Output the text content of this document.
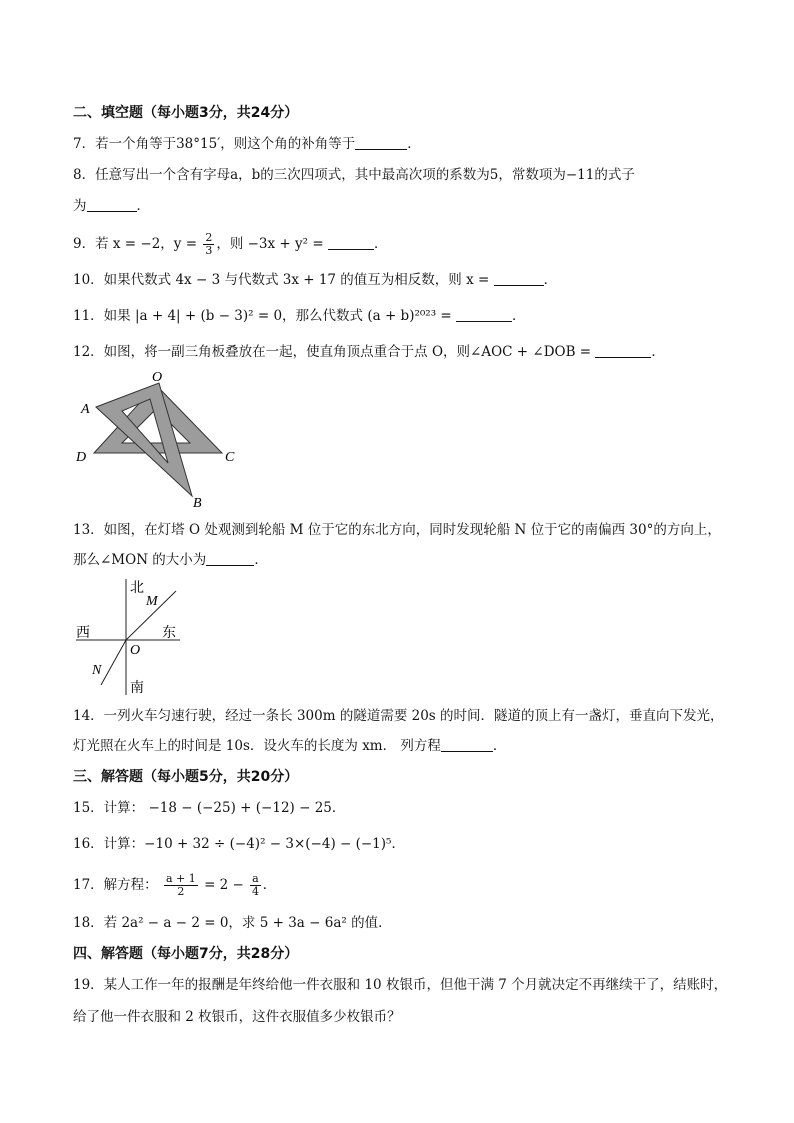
二、填空题（每小题3分，共24分）
7．若一个角等于38°15′，则这个角的补角等于	．
8．任意写出一个含有字母a，b的三次四项式，其中最高次项的系数为5，常数项为−11的式子
为	．
9．若 x = −2，$y = \frac{2}{3}$ ，则 −3x + y² =	．
10．如果代数式 4x − 3 与代数式 3x + 17 的值互为相反数，则 x =	．
11．如果 |a + 4| + (b − 3)² = 0，那么代数式 (a + b)²⁰²³ =	．
12．如图，将一副三角板叠放在一起，使直角顶点重合于点 O，则∠AOC + ∠DOB =	．
O
A
D	C
B
13．如图，在灯塔 O 处观测到轮船 M 位于它的东北方向，同时发现轮船 N 位于它的南偏西 30°的方向上，
那么∠MON 的大小为	．
北
南
西	东
M
N
O
14．一列火车匀速行驶，经过一条长 300m 的隧道需要 20s 的时间．隧道的顶上有一盏灯，垂直向下发光，
灯光照在火车上的时间是 10s．设火车的长度为 xm． 列方程	．
三、解答题（每小题5分，共20分）
15．计算： −18 − (−25) + (−12) − 25．
16．计算：−10 + 32 ÷ (−4)² − 3×(−4) − (−1)⁵．
17．解方程： $\frac{a + 1}{2} = 2 - \frac{a}{4}$ ．
18．若 2a² − a − 2 = 0，求 5 + 3a − 6a² 的值．
四、解答题（每小题7分，共28分）
19．某人工作一年的报酬是年终给他一件衣服和 10 枚银币，但他干满 7 个月就决定不再继续干了，结账时，
给了他一件衣服和 2 枚银币，这件衣服值多少枚银币？
